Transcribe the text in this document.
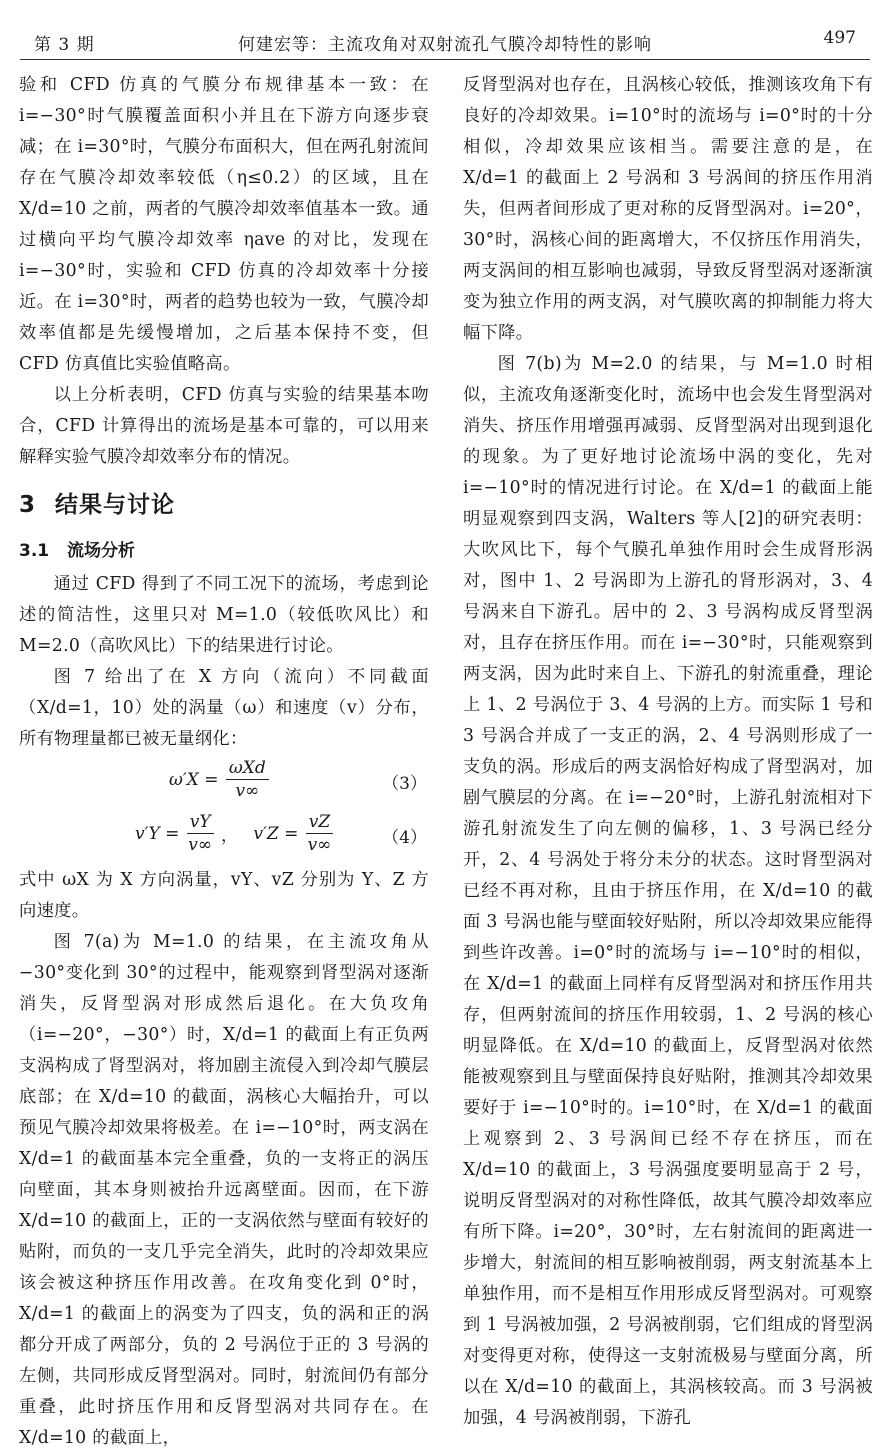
第 3 期	何建宏等：主流攻角对双射流孔气膜冷却特性的影响	497

验和 CFD 仿真的气膜分布规律基本一致：在 i=−30°时气膜覆盖面积小并且在下游方向逐步衰减；在 i=30°时，气膜分布面积大，但在两孔射流间存在气膜冷却效率较低（η≤0.2）的区域，且在 X/d=10 之前，两者的气膜冷却效率值基本一致。通过横向平均气膜冷却效率 ηave 的对比，发现在 i=−30°时，实验和 CFD 仿真的冷却效率十分接近。在 i=30°时，两者的趋势也较为一致，气膜冷却效率值都是先缓慢增加，之后基本保持不变，但 CFD 仿真值比实验值略高。

以上分析表明，CFD 仿真与实验的结果基本吻合，CFD 计算得出的流场是基本可靠的，可以用来解释实验气膜冷却效率分布的情况。

3 结果与讨论
3.1 流场分析

通过 CFD 得到了不同工况下的流场，考虑到论述的简洁性，这里只对 M=1.0（较低吹风比）和 M=2.0（高吹风比）下的结果进行讨论。

图 7 给出了在 X 方向（流向）不同截面（X/d=1，10）处的涡量（ω）和速度（v）分布，所有物理量都已被无量纲化：

$\omega'X = \frac{\text{ωXd}}{v\infty}$	（3）
$v'Y = \frac{vY}{v\infty}$ ， $v'Z = \frac{vZ}{v\infty}$	（4）

式中 ωX 为 X 方向涡量，vY、vZ 分别为 Y、Z 方向速度。

图 7(a)为 M=1.0 的结果，在主流攻角从 −30°变化到 30°的过程中，能观察到肾型涡对逐渐消失，反肾型涡对形成然后退化。在大负攻角（i=−20°，−30°）时，X/d=1 的截面上有正负两支涡构成了肾型涡对，将加剧主流侵入到冷却气膜层底部；在 X/d=10 的截面，涡核心大幅抬升，可以预见气膜冷却效果将极差。在 i=−10°时，两支涡在 X/d=1 的截面基本完全重叠，负的一支将正的涡压向壁面，其本身则被抬升远离壁面。因而，在下游 X/d=10 的截面上，正的一支涡依然与壁面有较好的贴附，而负的一支几乎完全消失，此时的冷却效果应该会被这种挤压作用改善。在攻角变化到 0°时，X/d=1 的截面上的涡变为了四支，负的涡和正的涡都分开成了两部分，负的 2 号涡位于正的 3 号涡的左侧，共同形成反肾型涡对。同时，射流间仍有部分重叠，此时挤压作用和反肾型涡对共同存在。在 X/d=10 的截面上，

反肾型涡对也存在，且涡核心较低，推测该攻角下有良好的冷却效果。i=10°时的流场与 i=0°时的十分相似，冷却效果应该相当。需要注意的是，在 X/d=1 的截面上 2 号涡和 3 号涡间的挤压作用消失，但两者间形成了更对称的反肾型涡对。i=20°，30°时，涡核心间的距离增大，不仅挤压作用消失，两支涡间的相互影响也减弱，导致反肾型涡对逐渐演变为独立作用的两支涡，对气膜吹离的抑制能力将大幅下降。

图 7(b)为 M=2.0 的结果，与 M=1.0 时相似，主流攻角逐渐变化时，流场中也会发生肾型涡对消失、挤压作用增强再减弱、反肾型涡对出现到退化的现象。为了更好地讨论流场中涡的变化，先对 i=−10°时的情况进行讨论。在 X/d=1 的截面上能明显观察到四支涡，Walters 等人[2]的研究表明：大吹风比下，每个气膜孔单独作用时会生成肾形涡对，图中 1、2 号涡即为上游孔的肾形涡对，3、4 号涡来自下游孔。居中的 2、3 号涡构成反肾型涡对，且存在挤压作用。而在 i=−30°时，只能观察到两支涡，因为此时来自上、下游孔的射流重叠，理论上 1、2 号涡位于 3、4 号涡的上方。而实际 1 号和 3 号涡合并成了一支正的涡，2、4 号涡则形成了一支负的涡。形成后的两支涡恰好构成了肾型涡对，加剧气膜层的分离。在 i=−20°时，上游孔射流相对下游孔射流发生了向左侧的偏移，1、3 号涡已经分开，2、4 号涡处于将分未分的状态。这时肾型涡对已经不再对称，且由于挤压作用，在 X/d=10 的截面 3 号涡也能与壁面较好贴附，所以冷却效果应能得到些许改善。i=0°时的流场与 i=−10°时的相似，在 X/d=1 的截面上同样有反肾型涡对和挤压作用共存，但两射流间的挤压作用较弱，1、2 号涡的核心明显降低。在 X/d=10 的截面上，反肾型涡对依然能被观察到且与壁面保持良好贴附，推测其冷却效果要好于 i=−10°时的。i=10°时，在 X/d=1 的截面上观察到 2、3 号涡间已经不存在挤压，而在 X/d=10 的截面上，3 号涡强度要明显高于 2 号，说明反肾型涡对的对称性降低，故其气膜冷却效率应有所下降。i=20°，30°时，左右射流间的距离进一步增大，射流间的相互影响被削弱，两支射流基本上单独作用，而不是相互作用形成反肾型涡对。可观察到 1 号涡被加强，2 号涡被削弱，它们组成的肾型涡对变得更对称，使得这一支射流极易与壁面分离，所以在 X/d=10 的截面上，其涡核较高。而 3 号涡被加强，4 号涡被削弱，下游孔
